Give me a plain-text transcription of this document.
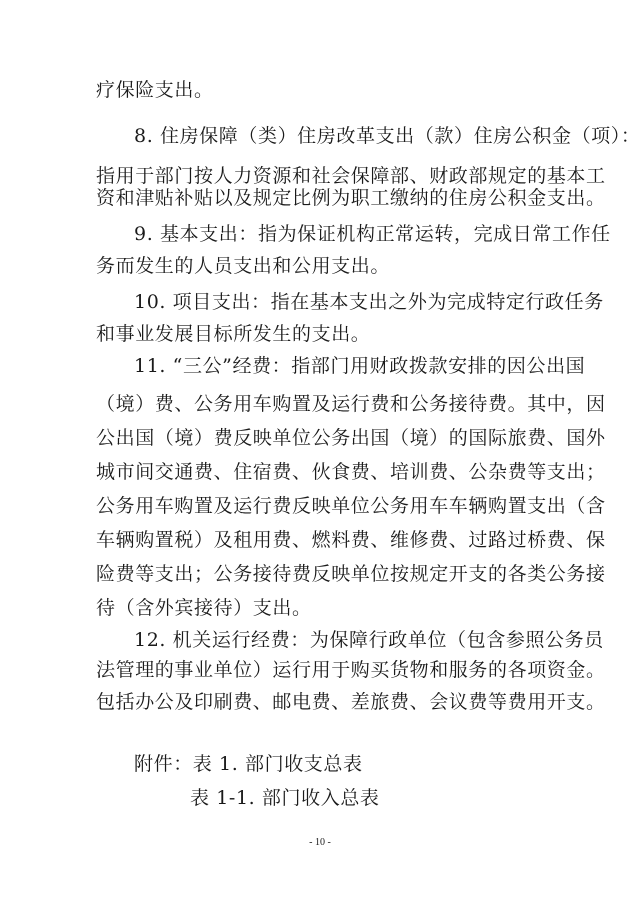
疗保险支出。
8. 住房保障（类）住房改革支出（款）住房公积金（项）：
指用于部门按人力资源和社会保障部、财政部规定的基本工
资和津贴补贴以及规定比例为职工缴纳的住房公积金支出。
9. 基本支出：指为保证机构正常运转，完成日常工作任
务而发生的人员支出和公用支出。
10. 项目支出：指在基本支出之外为完成特定行政任务
和事业发展目标所发生的支出。
11. “三公”经费：指部门用财政拨款安排的因公出国
（境）费、公务用车购置及运行费和公务接待费。其中，因
公出国（境）费反映单位公务出国（境）的国际旅费、国外
城市间交通费、住宿费、伙食费、培训费、公杂费等支出；
公务用车购置及运行费反映单位公务用车车辆购置支出（含
车辆购置税）及租用费、燃料费、维修费、过路过桥费、保
险费等支出；公务接待费反映单位按规定开支的各类公务接
待（含外宾接待）支出。
12. 机关运行经费：为保障行政单位（包含参照公务员
法管理的事业单位）运行用于购买货物和服务的各项资金。
包括办公及印刷费、邮电费、差旅费、会议费等费用开支。
附件：表 1. 部门收支总表
表 1-1. 部门收入总表
- 10 -
